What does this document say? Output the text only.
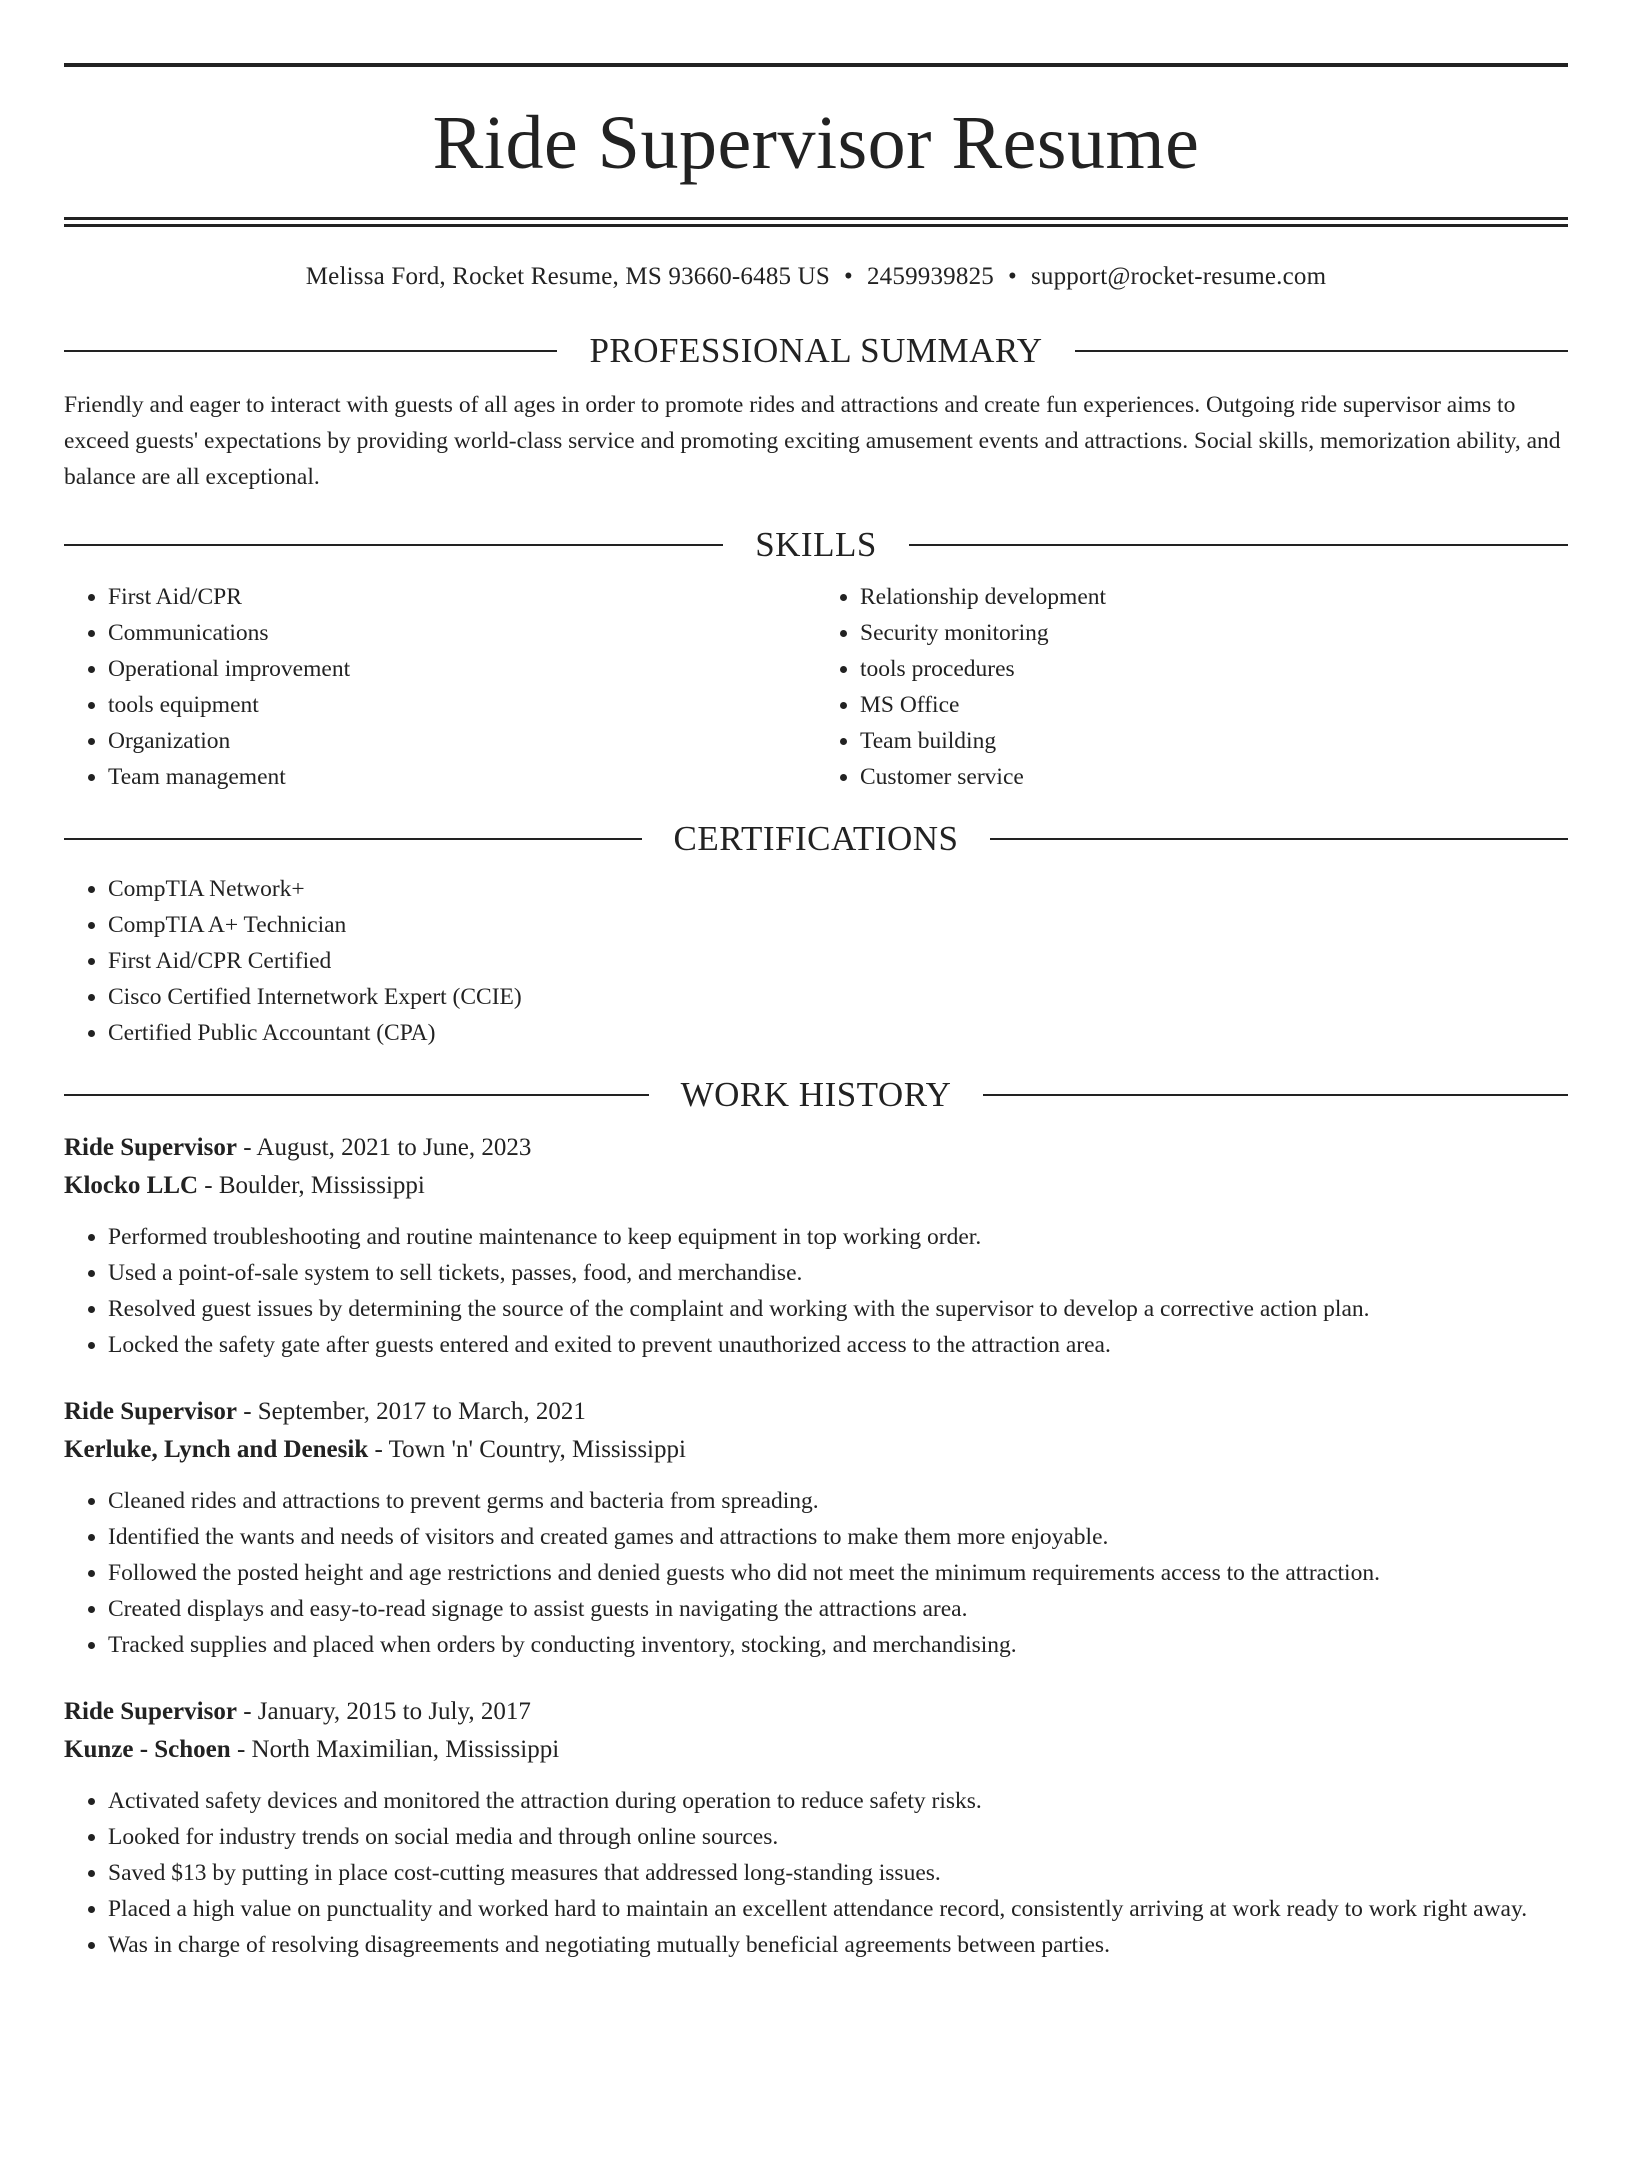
Ride Supervisor Resume
Melissa Ford, Rocket Resume, MS 93660-6485 US • 2459939825 • support@rocket-resume.com
PROFESSIONAL SUMMARY
Friendly and eager to interact with guests of all ages in order to promote rides and attractions and create fun experiences. Outgoing ride supervisor aims to exceed guests' expectations by providing world-class service and promoting exciting amusement events and attractions. Social skills, memorization ability, and balance are all exceptional.
SKILLS
• First Aid/CPR
• Communications
• Operational improvement
• tools equipment
• Organization
• Team management
• Relationship development
• Security monitoring
• tools procedures
• MS Office
• Team building
• Customer service
CERTIFICATIONS
• CompTIA Network+
• CompTIA A+ Technician
• First Aid/CPR Certified
• Cisco Certified Internetwork Expert (CCIE)
• Certified Public Accountant (CPA)
WORK HISTORY
Ride Supervisor - August, 2021 to June, 2023
Klocko LLC - Boulder, Mississippi
• Performed troubleshooting and routine maintenance to keep equipment in top working order.
• Used a point-of-sale system to sell tickets, passes, food, and merchandise.
• Resolved guest issues by determining the source of the complaint and working with the supervisor to develop a corrective action plan.
• Locked the safety gate after guests entered and exited to prevent unauthorized access to the attraction area.
Ride Supervisor - September, 2017 to March, 2021
Kerluke, Lynch and Denesik - Town 'n' Country, Mississippi
• Cleaned rides and attractions to prevent germs and bacteria from spreading.
• Identified the wants and needs of visitors and created games and attractions to make them more enjoyable.
• Followed the posted height and age restrictions and denied guests who did not meet the minimum requirements access to the attraction.
• Created displays and easy-to-read signage to assist guests in navigating the attractions area.
• Tracked supplies and placed when orders by conducting inventory, stocking, and merchandising.
Ride Supervisor - January, 2015 to July, 2017
Kunze - Schoen - North Maximilian, Mississippi
• Activated safety devices and monitored the attraction during operation to reduce safety risks.
• Looked for industry trends on social media and through online sources.
• Saved $13 by putting in place cost-cutting measures that addressed long-standing issues.
• Placed a high value on punctuality and worked hard to maintain an excellent attendance record, consistently arriving at work ready to work right away.
• Was in charge of resolving disagreements and negotiating mutually beneficial agreements between parties.
